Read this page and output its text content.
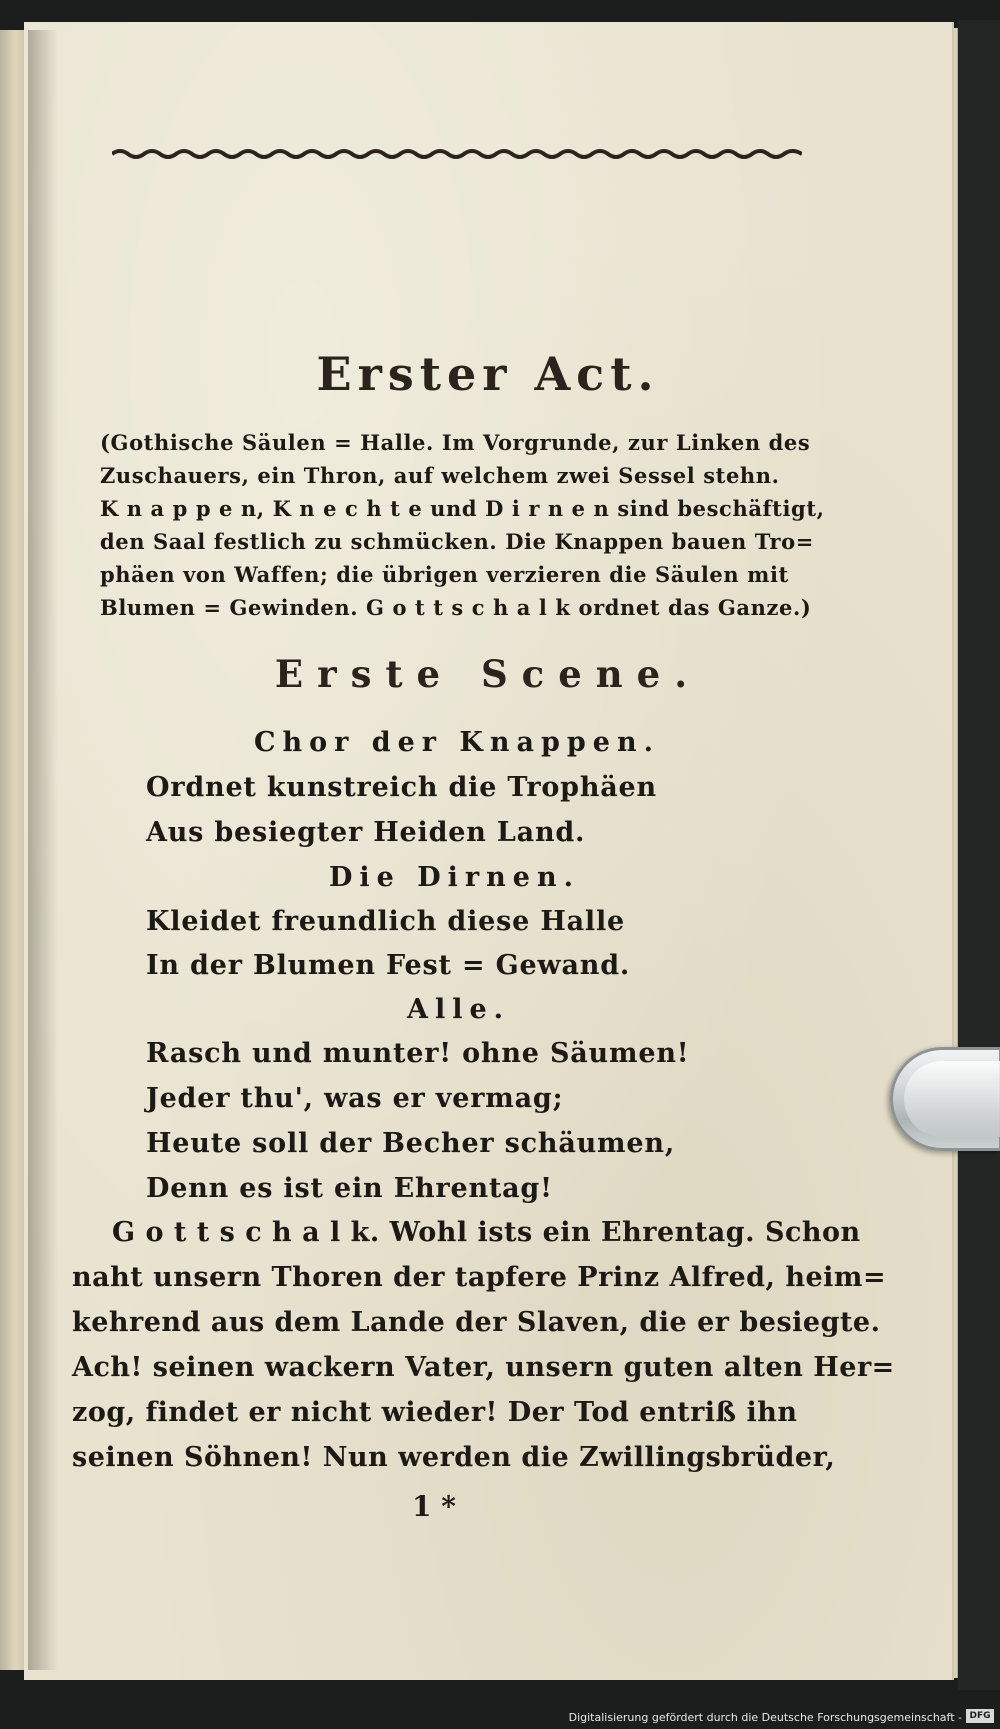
Erster Act.
(Gothische Säulen = Halle. Im Vorgrunde, zur Linken des
Zuschauers, ein Thron, auf welchem zwei Sessel stehn.
K n a p p e n, K n e c h t e und D i r n e n sind beschäftigt,
den Saal festlich zu schmücken. Die Knappen bauen Tro=
phäen von Waffen; die übrigen verzieren die Säulen mit
Blumen = Gewinden. G o t t s c h a l k ordnet das Ganze.)
Erste Scene.
Chor der Knappen.
Ordnet kunstreich die Trophäen
Aus besiegter Heiden Land.
Die Dirnen.
Kleidet freundlich diese Halle
In der Blumen Fest = Gewand.
Alle.
Rasch und munter! ohne Säumen!
Jeder thu', was er vermag;
Heute soll der Becher schäumen,
Denn es ist ein Ehrentag!
G o t t s c h a l k. Wohl ists ein Ehrentag. Schon
naht unsern Thoren der tapfere Prinz Alfred, heim=
kehrend aus dem Lande der Slaven, die er besiegte.
Ach! seinen wackern Vater, unsern guten alten Her=
zog, findet er nicht wieder! Der Tod entriß ihn
seinen Söhnen! Nun werden die Zwillingsbrüder,
1 *
Digitalisierung gefördert durch die Deutsche Forschungsgemeinschaft - DFG
